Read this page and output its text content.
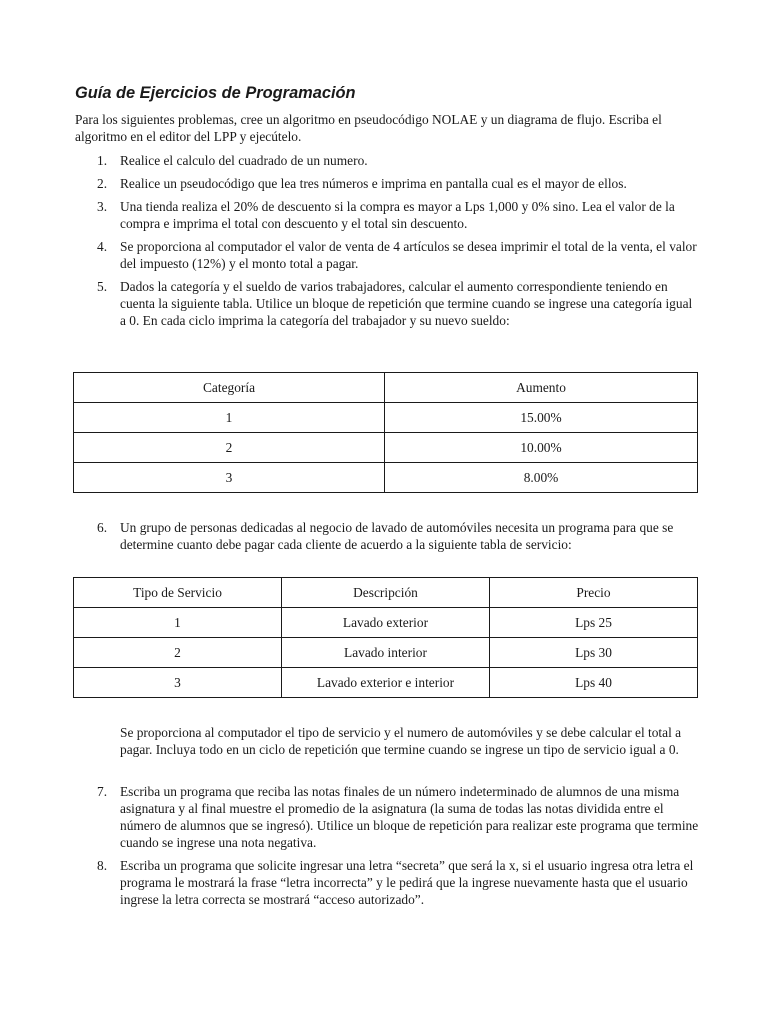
Guía de Ejercicios de Programación

Para los siguientes problemas, cree un algoritmo en pseudocódigo NOLAE y un diagrama de flujo. Escriba el algoritmo en el editor del LPP y ejecútelo.

1. Realice el calculo del cuadrado de un numero.
2. Realice un pseudocódigo que lea tres números e imprima en pantalla cual es el mayor de ellos.
3. Una tienda realiza el 20% de descuento si la compra es mayor a Lps 1,000 y 0% sino. Lea el valor de la compra e imprima el total con descuento y el total sin descuento.
4. Se proporciona al computador el valor de venta de 4 artículos se desea imprimir el total de la venta, el valor del impuesto (12%) y el monto total a pagar.
5. Dados la categoría y el sueldo de varios trabajadores, calcular el aumento correspondiente teniendo en cuenta la siguiente tabla. Utilice un bloque de repetición que termine cuando se ingrese una categoría igual a 0. En cada ciclo imprima la categoría del trabajador y su nuevo sueldo:
Categoría	Aumento
1	15.00%
2	10.00%
3	8.00%
6. Un grupo de personas dedicadas al negocio de lavado de automóviles necesita un programa para que se determine cuanto debe pagar cada cliente de acuerdo a la siguiente tabla de servicio:
Tipo de Servicio	Descripción	Precio
1	Lavado exterior	Lps 25
2	Lavado interior	Lps 30
3	Lavado exterior e interior	Lps 40

Se proporciona al computador el tipo de servicio y el numero de automóviles y se debe calcular el total a pagar. Incluya todo en un ciclo de repetición que termine cuando se ingrese un tipo de servicio igual a 0.

7. Escriba un programa que reciba las notas finales de un número indeterminado de alumnos de una misma asignatura y al final muestre el promedio de la asignatura (la suma de todas las notas dividida entre el número de alumnos que se ingresó). Utilice un bloque de repetición para realizar este programa que termine cuando se ingrese una nota negativa.
8. Escriba un programa que solicite ingresar una letra “secreta” que será la x, si el usuario ingresa otra letra el programa le mostrará la frase “letra incorrecta” y le pedirá que la ingrese nuevamente hasta que el usuario ingrese la letra correcta se mostrará “acceso autorizado”.
